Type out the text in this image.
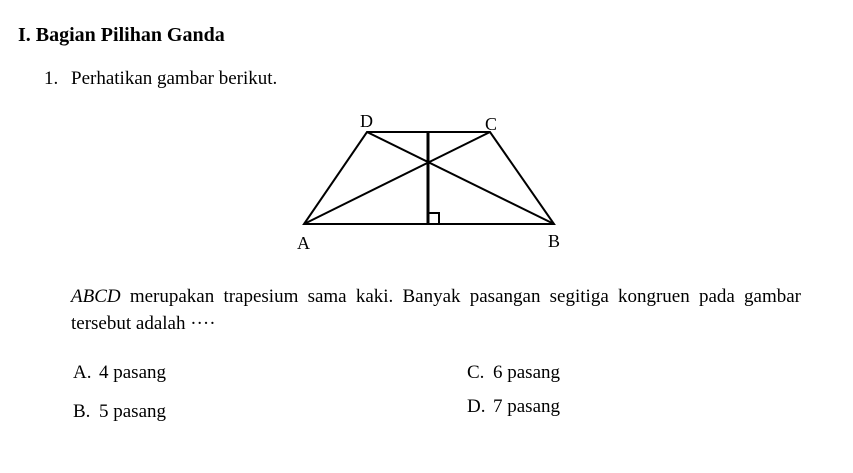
I. Bagian Pilihan Ganda
1. Perhatikan gambar berikut.
A	B
C
D
ABCD merupakan trapesium sama kaki. Banyak pasangan segitiga kongruen pada gambar tersebut adalah ····
A. 4 pasang
B. 5 pasang
C. 6 pasang
D. 7 pasang
